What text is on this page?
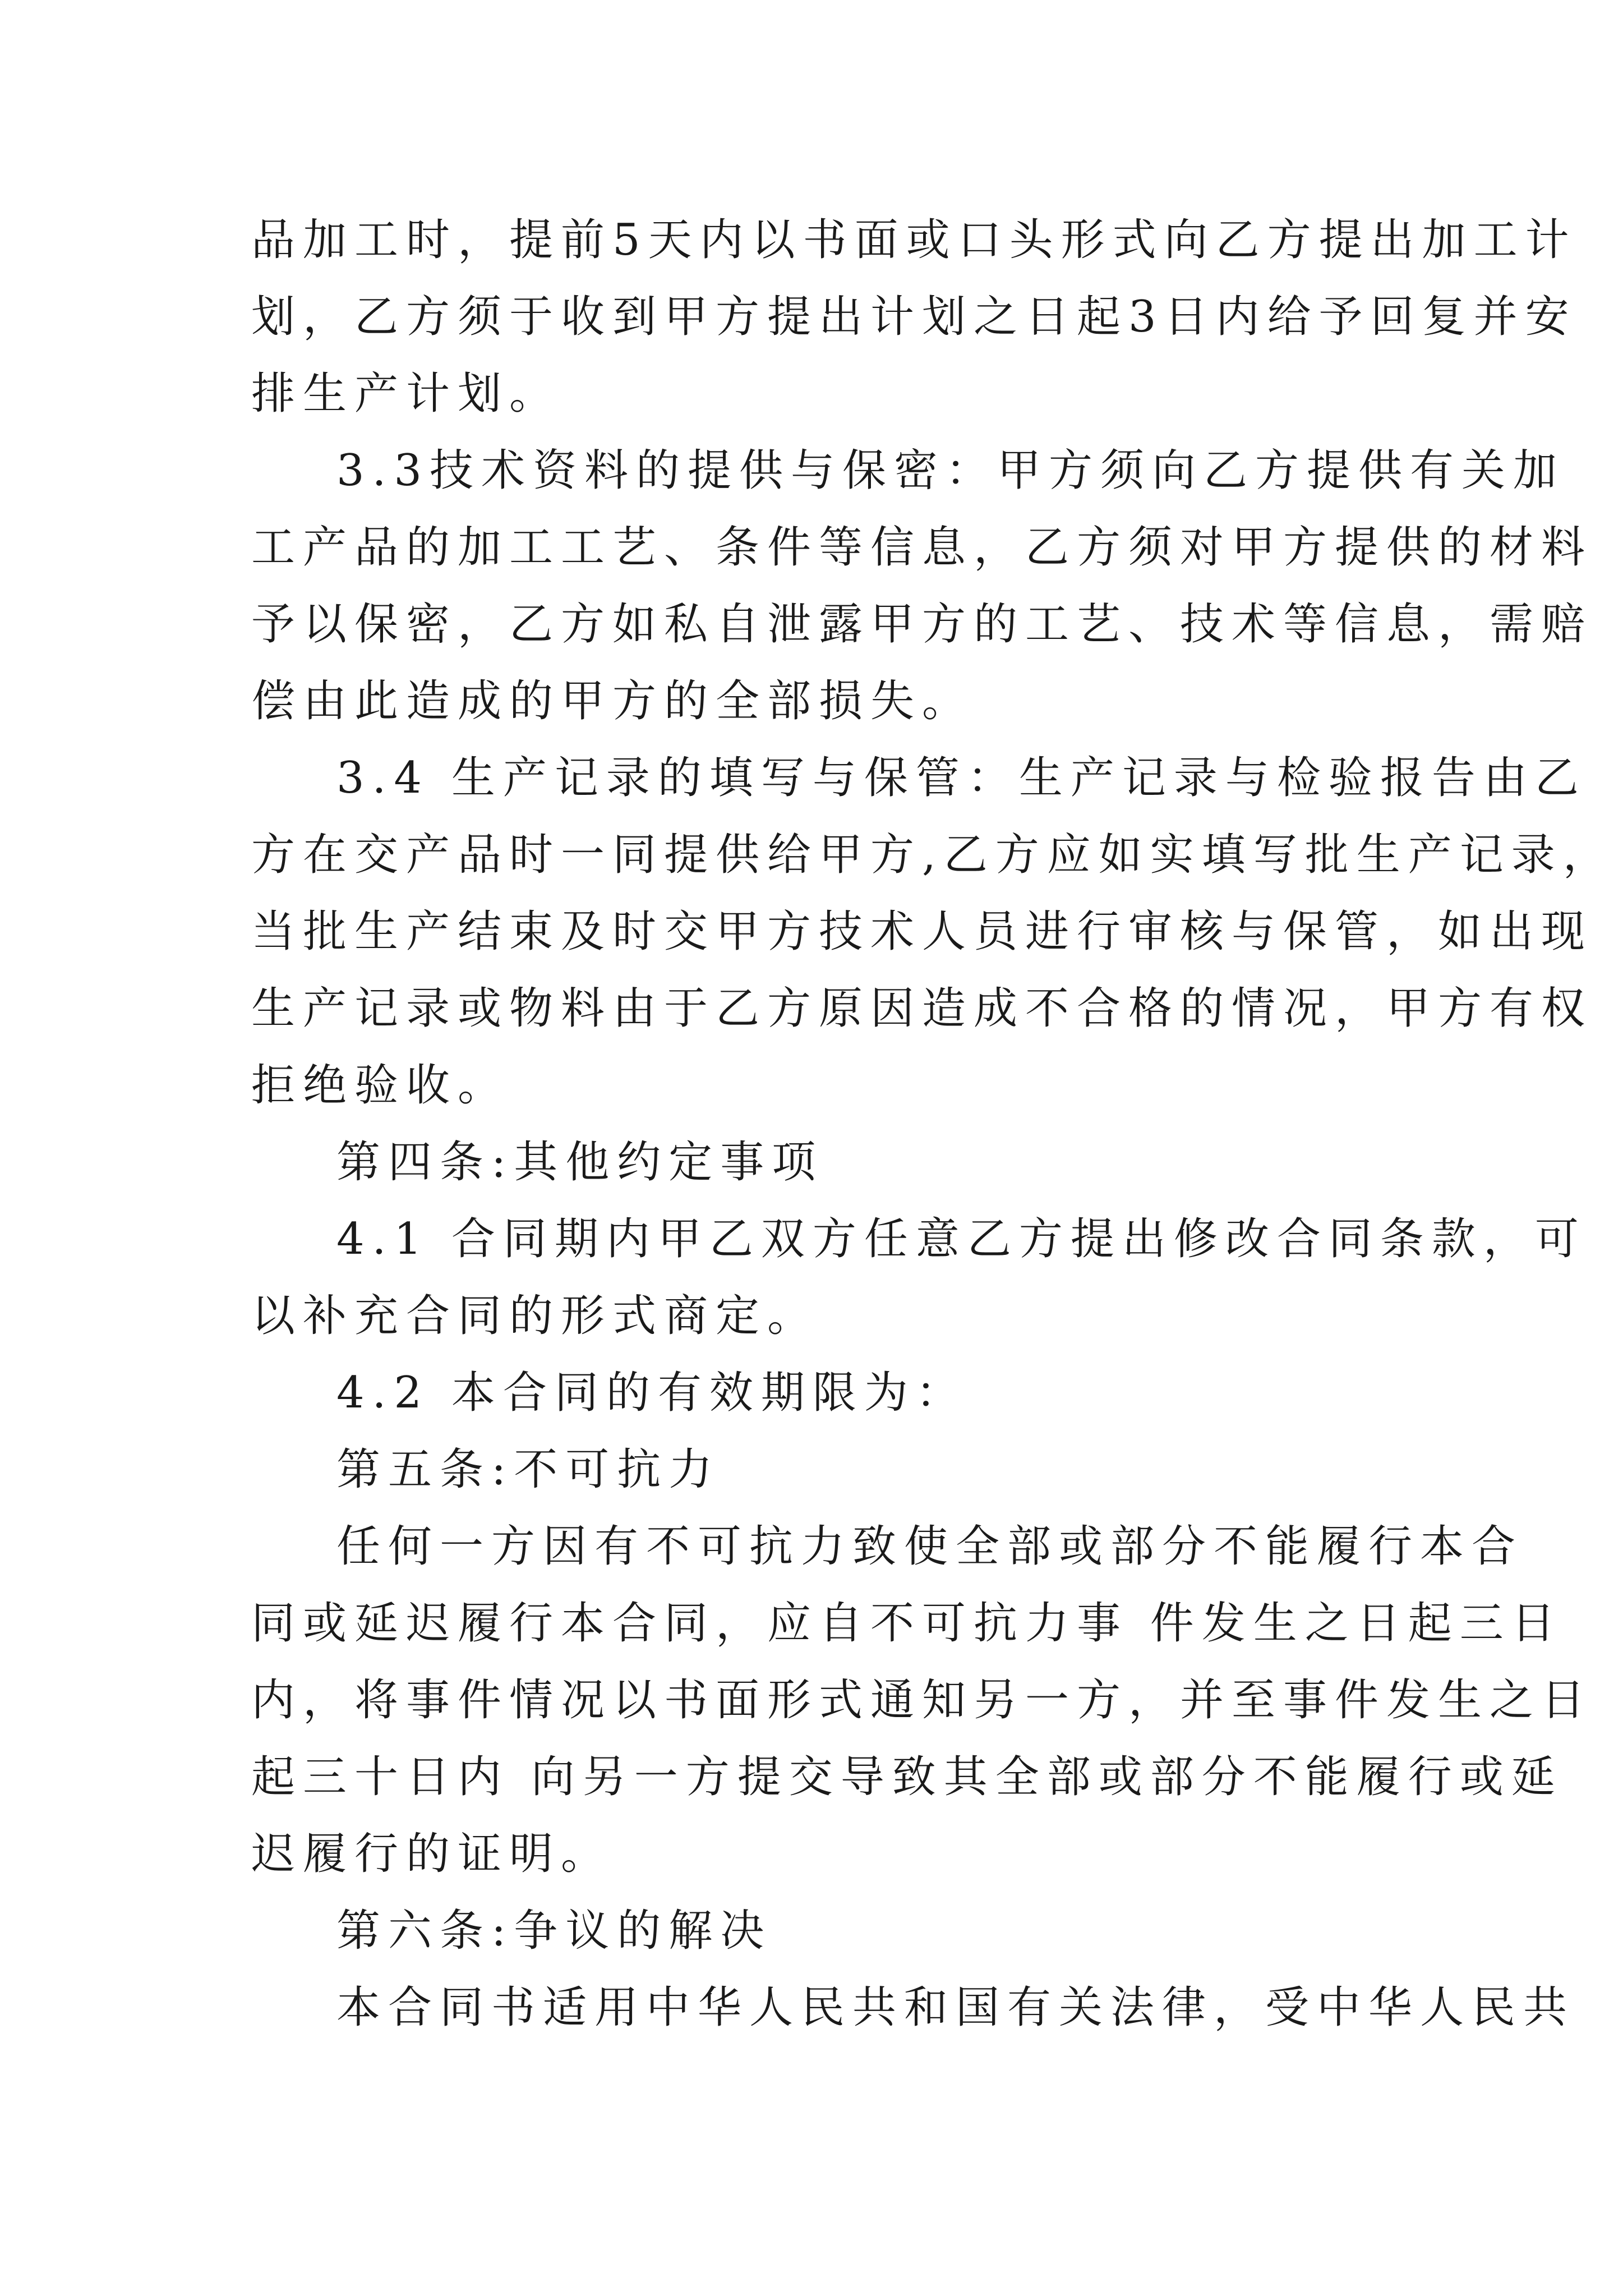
品加工时，提前5天内以书面或口头形式向乙方提出加工计
划，乙方须于收到甲方提出计划之日起3日内给予回复并安
排生产计划。
3.3技术资料的提供与保密：甲方须向乙方提供有关加
工产品的加工工艺、条件等信息，乙方须对甲方提供的材料
予以保密，乙方如私自泄露甲方的工艺、技术等信息，需赔
偿由此造成的甲方的全部损失。
3.4 生产记录的填写与保管：生产记录与检验报告由乙
方在交产品时一同提供给甲方,乙方应如实填写批生产记录，
当批生产结束及时交甲方技术人员进行审核与保管，如出现
生产记录或物料由于乙方原因造成不合格的情况，甲方有权
拒绝验收。
第四条:其他约定事项
4.1 合同期内甲乙双方任意乙方提出修改合同条款，可
以补充合同的形式商定。
4.2 本合同的有效期限为：
第五条:不可抗力
任何一方因有不可抗力致使全部或部分不能履行本合
同或延迟履行本合同，应自不可抗力事 件发生之日起三日
内，将事件情况以书面形式通知另一方，并至事件发生之日
起三十日内 向另一方提交导致其全部或部分不能履行或延
迟履行的证明。
第六条:争议的解决
本合同书适用中华人民共和国有关法律，受中华人民共
